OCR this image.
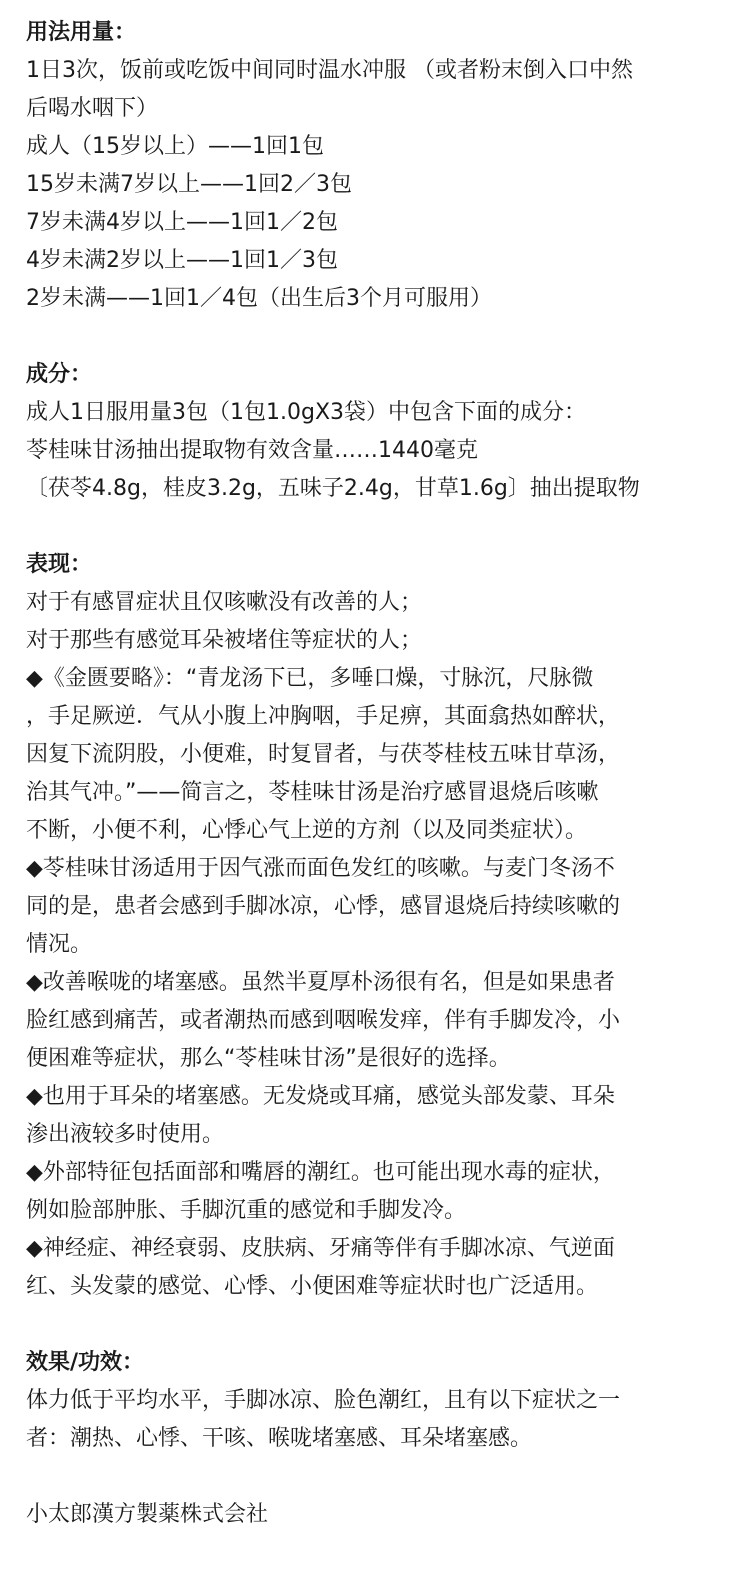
用法用量：

1日3次，饭前或吃饭中间同时温水冲服 （或者粉末倒入口中然

后喝水咽下）

成人（15岁以上）——1回1包

15岁未满7岁以上——1回2／3包

7岁未满4岁以上——1回1／2包

4岁未满2岁以上——1回1／3包

2岁未满——1回1／4包（出生后3个月可服用）

成分：

成人1日服用量3包（1包1.0gX3袋）中包含下面的成分：

苓桂味甘汤抽出提取物有效含量……1440毫克

〔茯苓4.8g，桂皮3.2g，五味子2.4g，甘草1.6g〕抽出提取物

表现：

对于有感冒症状且仅咳嗽没有改善的人；

对于那些有感觉耳朵被堵住等症状的人；

◆《金匮要略》：“青龙汤下已，多唾口燥，寸脉沉，尺脉微

，手足厥逆．气从小腹上冲胸咽，手足痹，其面翕热如醉状，

因复下流阴股，小便难，时复冒者，与茯苓桂枝五味甘草汤，

治其气冲。”——简言之，苓桂味甘汤是治疗感冒退烧后咳嗽

不断，小便不利，心悸心气上逆的方剂（以及同类症状）。

◆苓桂味甘汤适用于因气涨而面色发红的咳嗽。与麦门冬汤不

同的是，患者会感到手脚冰凉，心悸，感冒退烧后持续咳嗽的

情况。

◆改善喉咙的堵塞感。虽然半夏厚朴汤很有名，但是如果患者

脸红感到痛苦，或者潮热而感到咽喉发痒，伴有手脚发冷，小

便困难等症状，那么“苓桂味甘汤”是很好的选择。

◆也用于耳朵的堵塞感。无发烧或耳痛，感觉头部发蒙、耳朵

渗出液较多时使用。

◆外部特征包括面部和嘴唇的潮红。也可能出现水毒的症状，

例如脸部肿胀、手脚沉重的感觉和手脚发冷。

◆神经症、神经衰弱、皮肤病、牙痛等伴有手脚冰凉、气逆面

红、头发蒙的感觉、心悸、小便困难等症状时也广泛适用。

效果/功效：

体力低于平均水平，手脚冰凉、脸色潮红，且有以下症状之一

者：潮热、心悸、干咳、喉咙堵塞感、耳朵堵塞感。

小太郎漢方製薬株式会社
